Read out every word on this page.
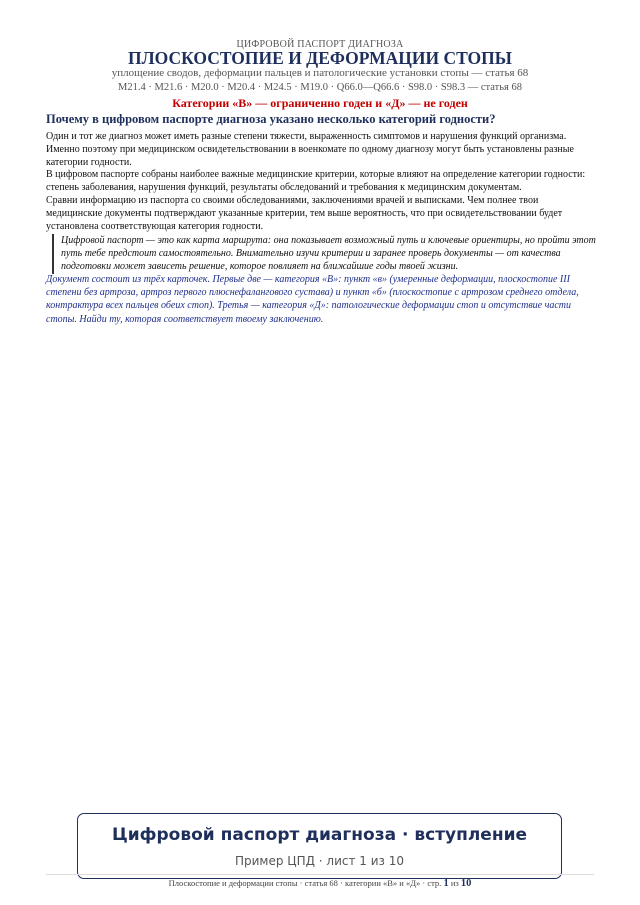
ЦИФРОВОЙ ПАСПОРТ ДИАГНОЗА
ПЛОСКОСТОПИЕ И ДЕФОРМАЦИИ СТОПЫ
уплощение сводов, деформации пальцев и патологические установки стопы — статья 68
M21.4 · M21.6 · M20.0 · M20.4 · M24.5 · M19.0 · Q66.0—Q66.6 · S98.0 · S98.3 — статья 68
Категории «В» — ограниченно годен и «Д» — не годен
Почему в цифровом паспорте диагноза указано несколько категорий годности?

Один и тот же диагноз может иметь разные степени тяжести, выраженность симптомов и нарушения функций организма. Именно поэтому при медицинском освидетельствовании в военкомате по одному диагнозу могут быть установлены разные категории годности.

В цифровом паспорте собраны наиболее важные медицинские критерии, которые влияют на определение категории годности: степень заболевания, нарушения функций, результаты обследований и требования к медицинским документам.

Сравни информацию из паспорта со своими обследованиями, заключениями врачей и выписками. Чем полнее твои медицинские документы подтверждают указанные критерии, тем выше вероятность, что при освидетельствовании будет установлена соответствующая категория годности.

Цифровой паспорт — это как карта маршрута: она показывает возможный путь и ключевые ориентиры, но пройти этот путь тебе предстоит самостоятельно. Внимательно изучи критерии и заранее проверь документы — от качества подготовки может зависеть решение, которое повлияет на ближайшие годы твоей жизни.
Документ состоит из трёх карточек. Первые две — категория «В»: пункт «в» (умеренные деформации, плоскостопие III степени без артроза, артроз первого плюснефалангового сустава) и пункт «б» (плоскостопие с артрозом среднего отдела, контрактура всех пальцев обеих стоп). Третья — категория «Д»: патологические деформации стоп и отсутствие части стопы. Найди ту, которая соответствует твоему заключению.
Цифровой паспорт диагноза · вступление
Пример ЦПД · лист 1 из 10
Плоскостопие и деформации стопы · статья 68 · категории «В» и «Д» · стр. 1 из 10
